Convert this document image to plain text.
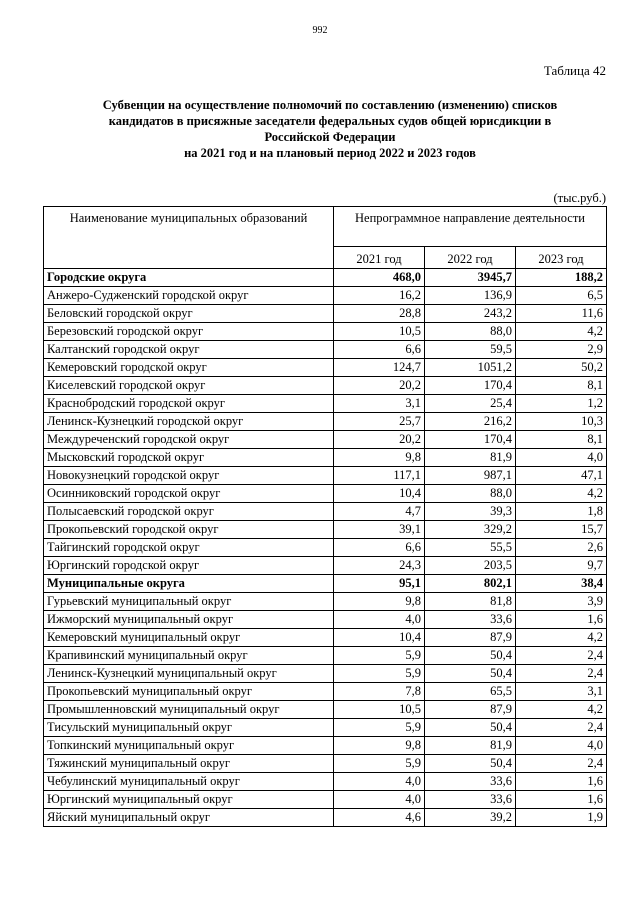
992
Таблица 42
Субвенции на осуществление полномочий по составлению (изменению) списков
кандидатов в присяжные заседатели федеральных судов общей юрисдикции в
Российской Федерации
на 2021 год и на плановый период 2022 и 2023 годов
(тыс.руб.)
Наименование муниципальных образований	Непрограммное направление деятельности		
	2021 год	2022 год	2023 год
Городские округа	468,0	3945,7	188,2
Анжеро-Судженский городской округ	16,2	136,9	6,5
Беловский городской округ	28,8	243,2	11,6
Березовский городской округ	10,5	88,0	4,2
Калтанский городской округ	6,6	59,5	2,9
Кемеровский городской округ	124,7	1051,2	50,2
Киселевский городской округ	20,2	170,4	8,1
Краснобродский городской округ	3,1	25,4	1,2
Ленинск-Кузнецкий городской округ	25,7	216,2	10,3
Междуреченский городской округ	20,2	170,4	8,1
Мысковский городской округ	9,8	81,9	4,0
Новокузнецкий городской округ	117,1	987,1	47,1
Осинниковский городской округ	10,4	88,0	4,2
Полысаевский городской округ	4,7	39,3	1,8
Прокопьевский городской округ	39,1	329,2	15,7
Тайгинский городской округ	6,6	55,5	2,6
Юргинский городской округ	24,3	203,5	9,7
Муниципальные округа	95,1	802,1	38,4
Гурьевский муниципальный округ	9,8	81,8	3,9
Ижморский муниципальный округ	4,0	33,6	1,6
Кемеровский муниципальный округ	10,4	87,9	4,2
Крапивинский муниципальный округ	5,9	50,4	2,4
Ленинск-Кузнецкий муниципальный округ	5,9	50,4	2,4
Прокопьевский муниципальный округ	7,8	65,5	3,1
Промышленновский муниципальный округ	10,5	87,9	4,2
Тисульский муниципальный округ	5,9	50,4	2,4
Топкинский муниципальный округ	9,8	81,9	4,0
Тяжинский муниципальный округ	5,9	50,4	2,4
Чебулинский муниципальный округ	4,0	33,6	1,6
Юргинский муниципальный округ	4,0	33,6	1,6
Яйский муниципальный округ	4,6	39,2	1,9
